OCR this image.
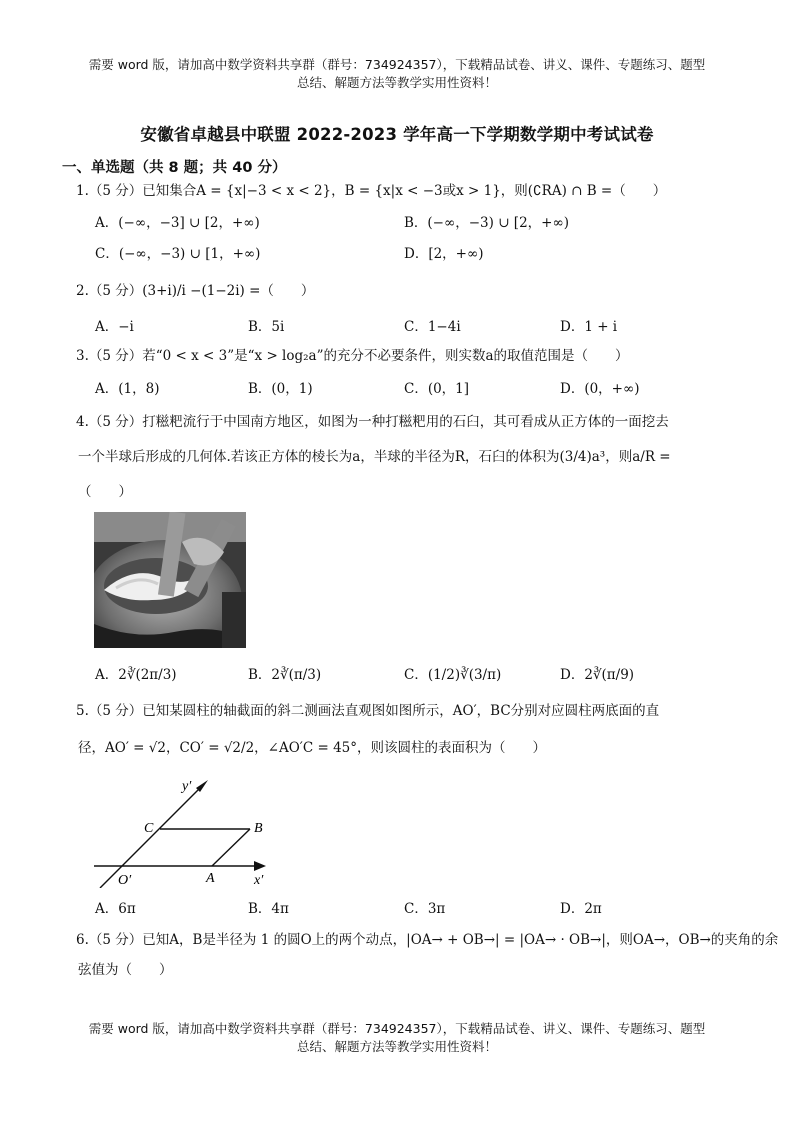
需要 word 版，请加高中数学资料共享群（群号：734924357），下载精品试卷、讲义、课件、专题练习、题型
总结、解题方法等教学实用性资料！
安徽省卓越县中联盟 2022-2023 学年高一下学期数学期中考试试卷
一、单选题（共 8 题；共 40 分）
1.（5 分）已知集合A = {x|−3 < x < 2}，B = {x|x < −3或x > 1}，则(∁RA) ∩ B =（　　）
A．(−∞，−3] ∪ [2，+∞)	B．(−∞，−3) ∪ [2，+∞)
C．(−∞，−3) ∪ [1，+∞)	D．[2，+∞)
2.（5 分）(3+i)/i −(1−2i) =（　　）
A．−i	B．5i	C．1−4i	D．1 + i
3.（5 分）若“0 < x < 3”是“x > log₂a”的充分不必要条件，则实数a的取值范围是（　　）
A．(1，8)	B．(0，1)	C．(0，1]	D．(0，+∞)
4.（5 分）打糍粑流行于中国南方地区，如图为一种打糍粑用的石臼，其可看成从正方体的一面挖去
一个半球后形成的几何体.若该正方体的棱长为a，半球的半径为R，石臼的体积为(3/4)a³，则a/R =
（　　）
A．2∛(2π/3)	B．2∛(π/3)	C．(1/2)∛(3/π)	D．2∛(π/9)
5.（5 分）已知某圆柱的轴截面的斜二测画法直观图如图所示，AO′，BC分别对应圆柱两底面的直
径，AO′ = √2，CO′ = √2/2，∠AO′C = 45°，则该圆柱的表面积为（　　）
y′
x′
O′	A
B
C
A．6π	B．4π	C．3π	D．2π
6.（5 分）已知A，B是半径为 1 的圆O上的两个动点，|OA→ + OB→| = |OA→ · OB→|，则OA→，OB→的夹角的余
弦值为（　　）
需要 word 版，请加高中数学资料共享群（群号：734924357），下载精品试卷、讲义、课件、专题练习、题型
总结、解题方法等教学实用性资料！
